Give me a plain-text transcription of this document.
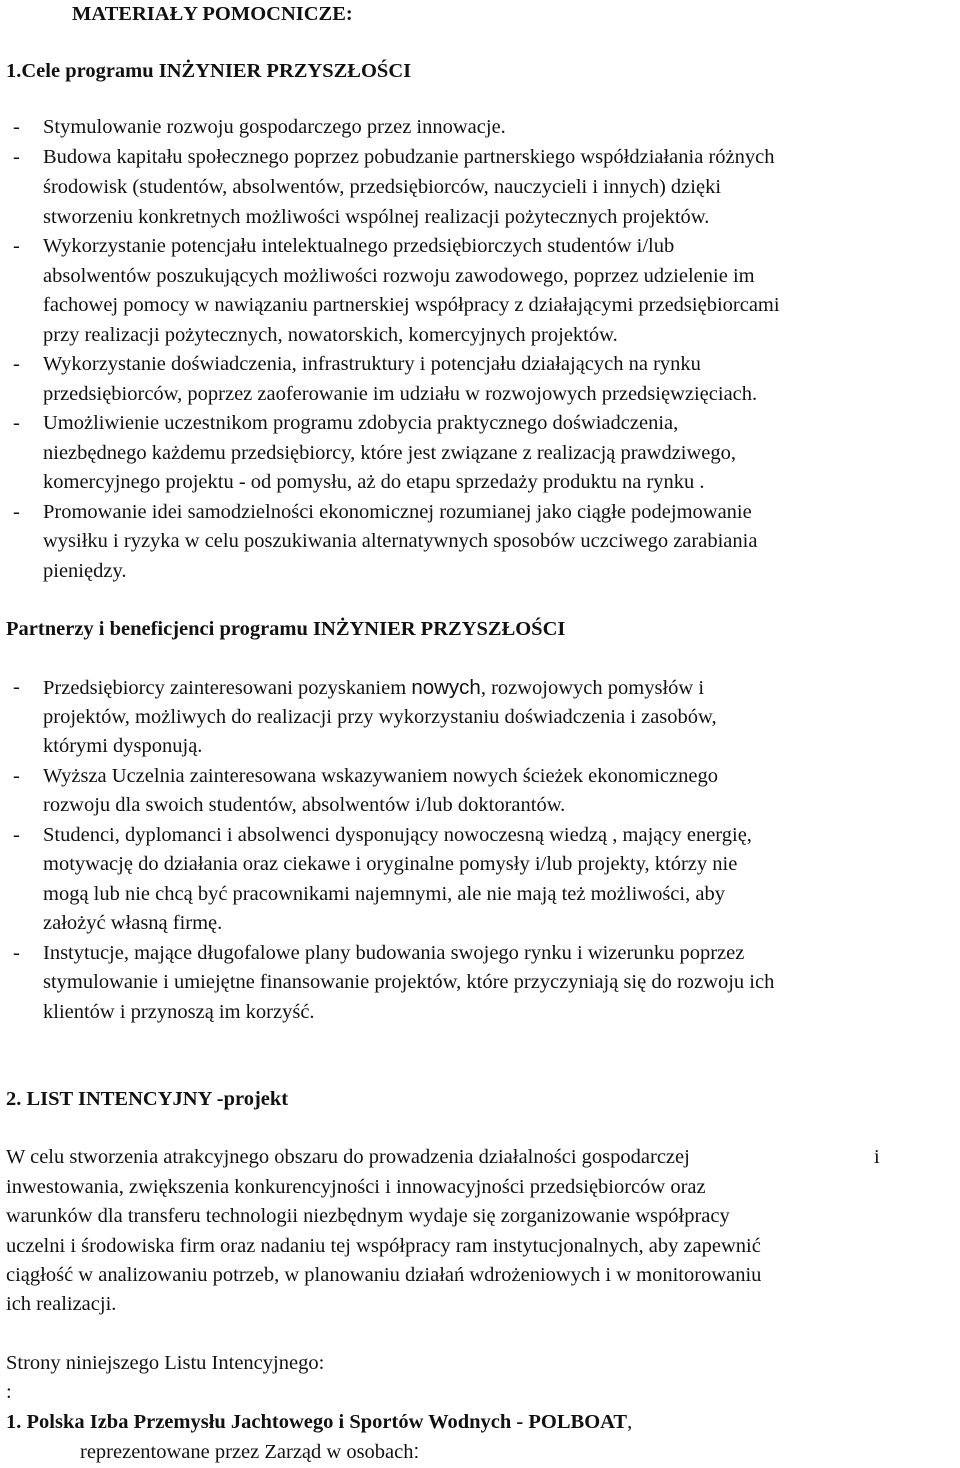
MATERIAŁY POMOCNICZE:
1.Cele programu INŻYNIER PRZYSZŁOŚCI
- Stymulowanie rozwoju gospodarczego przez innowacje.
- Budowa kapitału społecznego poprzez pobudzanie partnerskiego współdziałania różnych
środowisk (studentów, absolwentów, przedsiębiorców, nauczycieli i innych) dzięki
stworzeniu konkretnych możliwości wspólnej realizacji pożytecznych projektów.
- Wykorzystanie potencjału intelektualnego przedsiębiorczych studentów i/lub
absolwentów poszukujących możliwości rozwoju zawodowego, poprzez udzielenie im
fachowej pomocy w nawiązaniu partnerskiej współpracy z działającymi przedsiębiorcami
przy realizacji pożytecznych, nowatorskich, komercyjnych projektów.
- Wykorzystanie doświadczenia, infrastruktury i potencjału działających na rynku
przedsiębiorców, poprzez zaoferowanie im udziału w rozwojowych przedsięwzięciach.
- Umożliwienie uczestnikom programu zdobycia praktycznego doświadczenia,
niezbędnego każdemu przedsiębiorcy, które jest związane z realizacją prawdziwego,
komercyjnego projektu - od pomysłu, aż do etapu sprzedaży produktu na rynku .
- Promowanie idei samodzielności ekonomicznej rozumianej jako ciągłe podejmowanie
wysiłku i ryzyka w celu poszukiwania alternatywnych sposobów uczciwego zarabiania
pieniędzy.
Partnerzy i beneficjenci programu INŻYNIER PRZYSZŁOŚCI
- Przedsiębiorcy zainteresowani pozyskaniem nowych, rozwojowych pomysłów i
projektów, możliwych do realizacji przy wykorzystaniu doświadczenia i zasobów,
którymi dysponują.
- Wyższa Uczelnia zainteresowana wskazywaniem nowych ścieżek ekonomicznego
rozwoju dla swoich studentów, absolwentów i/lub doktorantów.
- Studenci, dyplomanci i absolwenci dysponujący nowoczesną wiedzą , mający energię,
motywację do działania oraz ciekawe i oryginalne pomysły i/lub projekty, którzy nie
mogą lub nie chcą być pracownikami najemnymi, ale nie mają też możliwości, aby
założyć własną firmę.
- Instytucje, mające długofalowe plany budowania swojego rynku i wizerunku poprzez
stymulowanie i umiejętne finansowanie projektów, które przyczyniają się do rozwoju ich
klientów i przynoszą im korzyść.
2. LIST INTENCYJNY -projekt
W celu stworzenia atrakcyjnego obszaru do prowadzenia działalności gospodarczej	i
inwestowania, zwiększenia konkurencyjności i innowacyjności przedsiębiorców oraz
warunków dla transferu technologii niezbędnym wydaje się zorganizowanie współpracy
uczelni i środowiska firm oraz nadaniu tej współpracy ram instytucjonalnych, aby zapewnić
ciągłość w analizowaniu potrzeb, w planowaniu działań wdrożeniowych i w monitorowaniu
ich realizacji.
Strony niniejszego Listu Intencyjnego:
:
1. Polska Izba Przemysłu Jachtowego i Sportów Wodnych - POLBOAT,
reprezentowane przez Zarząd w osobach:
